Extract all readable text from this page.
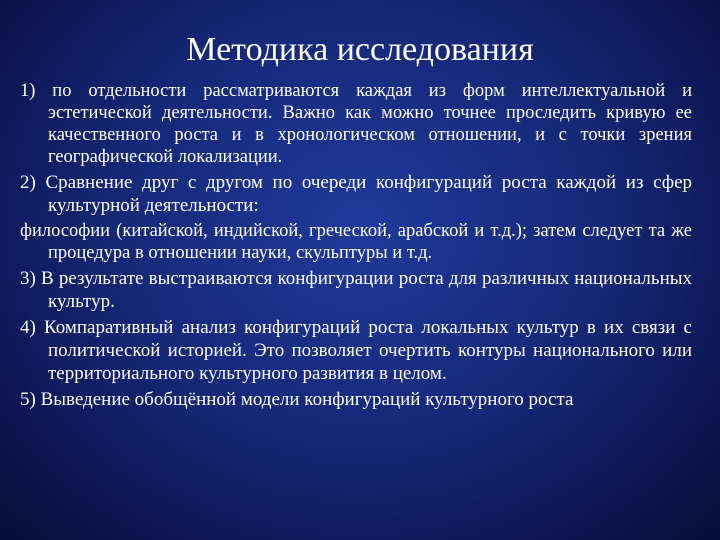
Методика исследования

1) по отдельности рассматриваются каждая из форм интеллектуальной и эстетической деятельности. Важно как можно точнее проследить кривую ее качественного роста и в хронологическом отношении, и с точки зрения географической локализации.

2) Сравнение друг с другом по очереди конфигураций роста каждой из сфер культурной деятельности:

философии (китайской, индийской, греческой, арабской и т.д.); затем следует та же процедура в отношении науки, скульптуры и т.д.

3) В результате выстраиваются конфигурации роста для различных национальных культур.

4) Компаративный анализ конфигураций роста локальных культур в их связи с политической историей. Это позволяет очертить контуры национального или территориального культурного развития в целом.

5) Выведение обобщённой модели конфигураций культурного роста
